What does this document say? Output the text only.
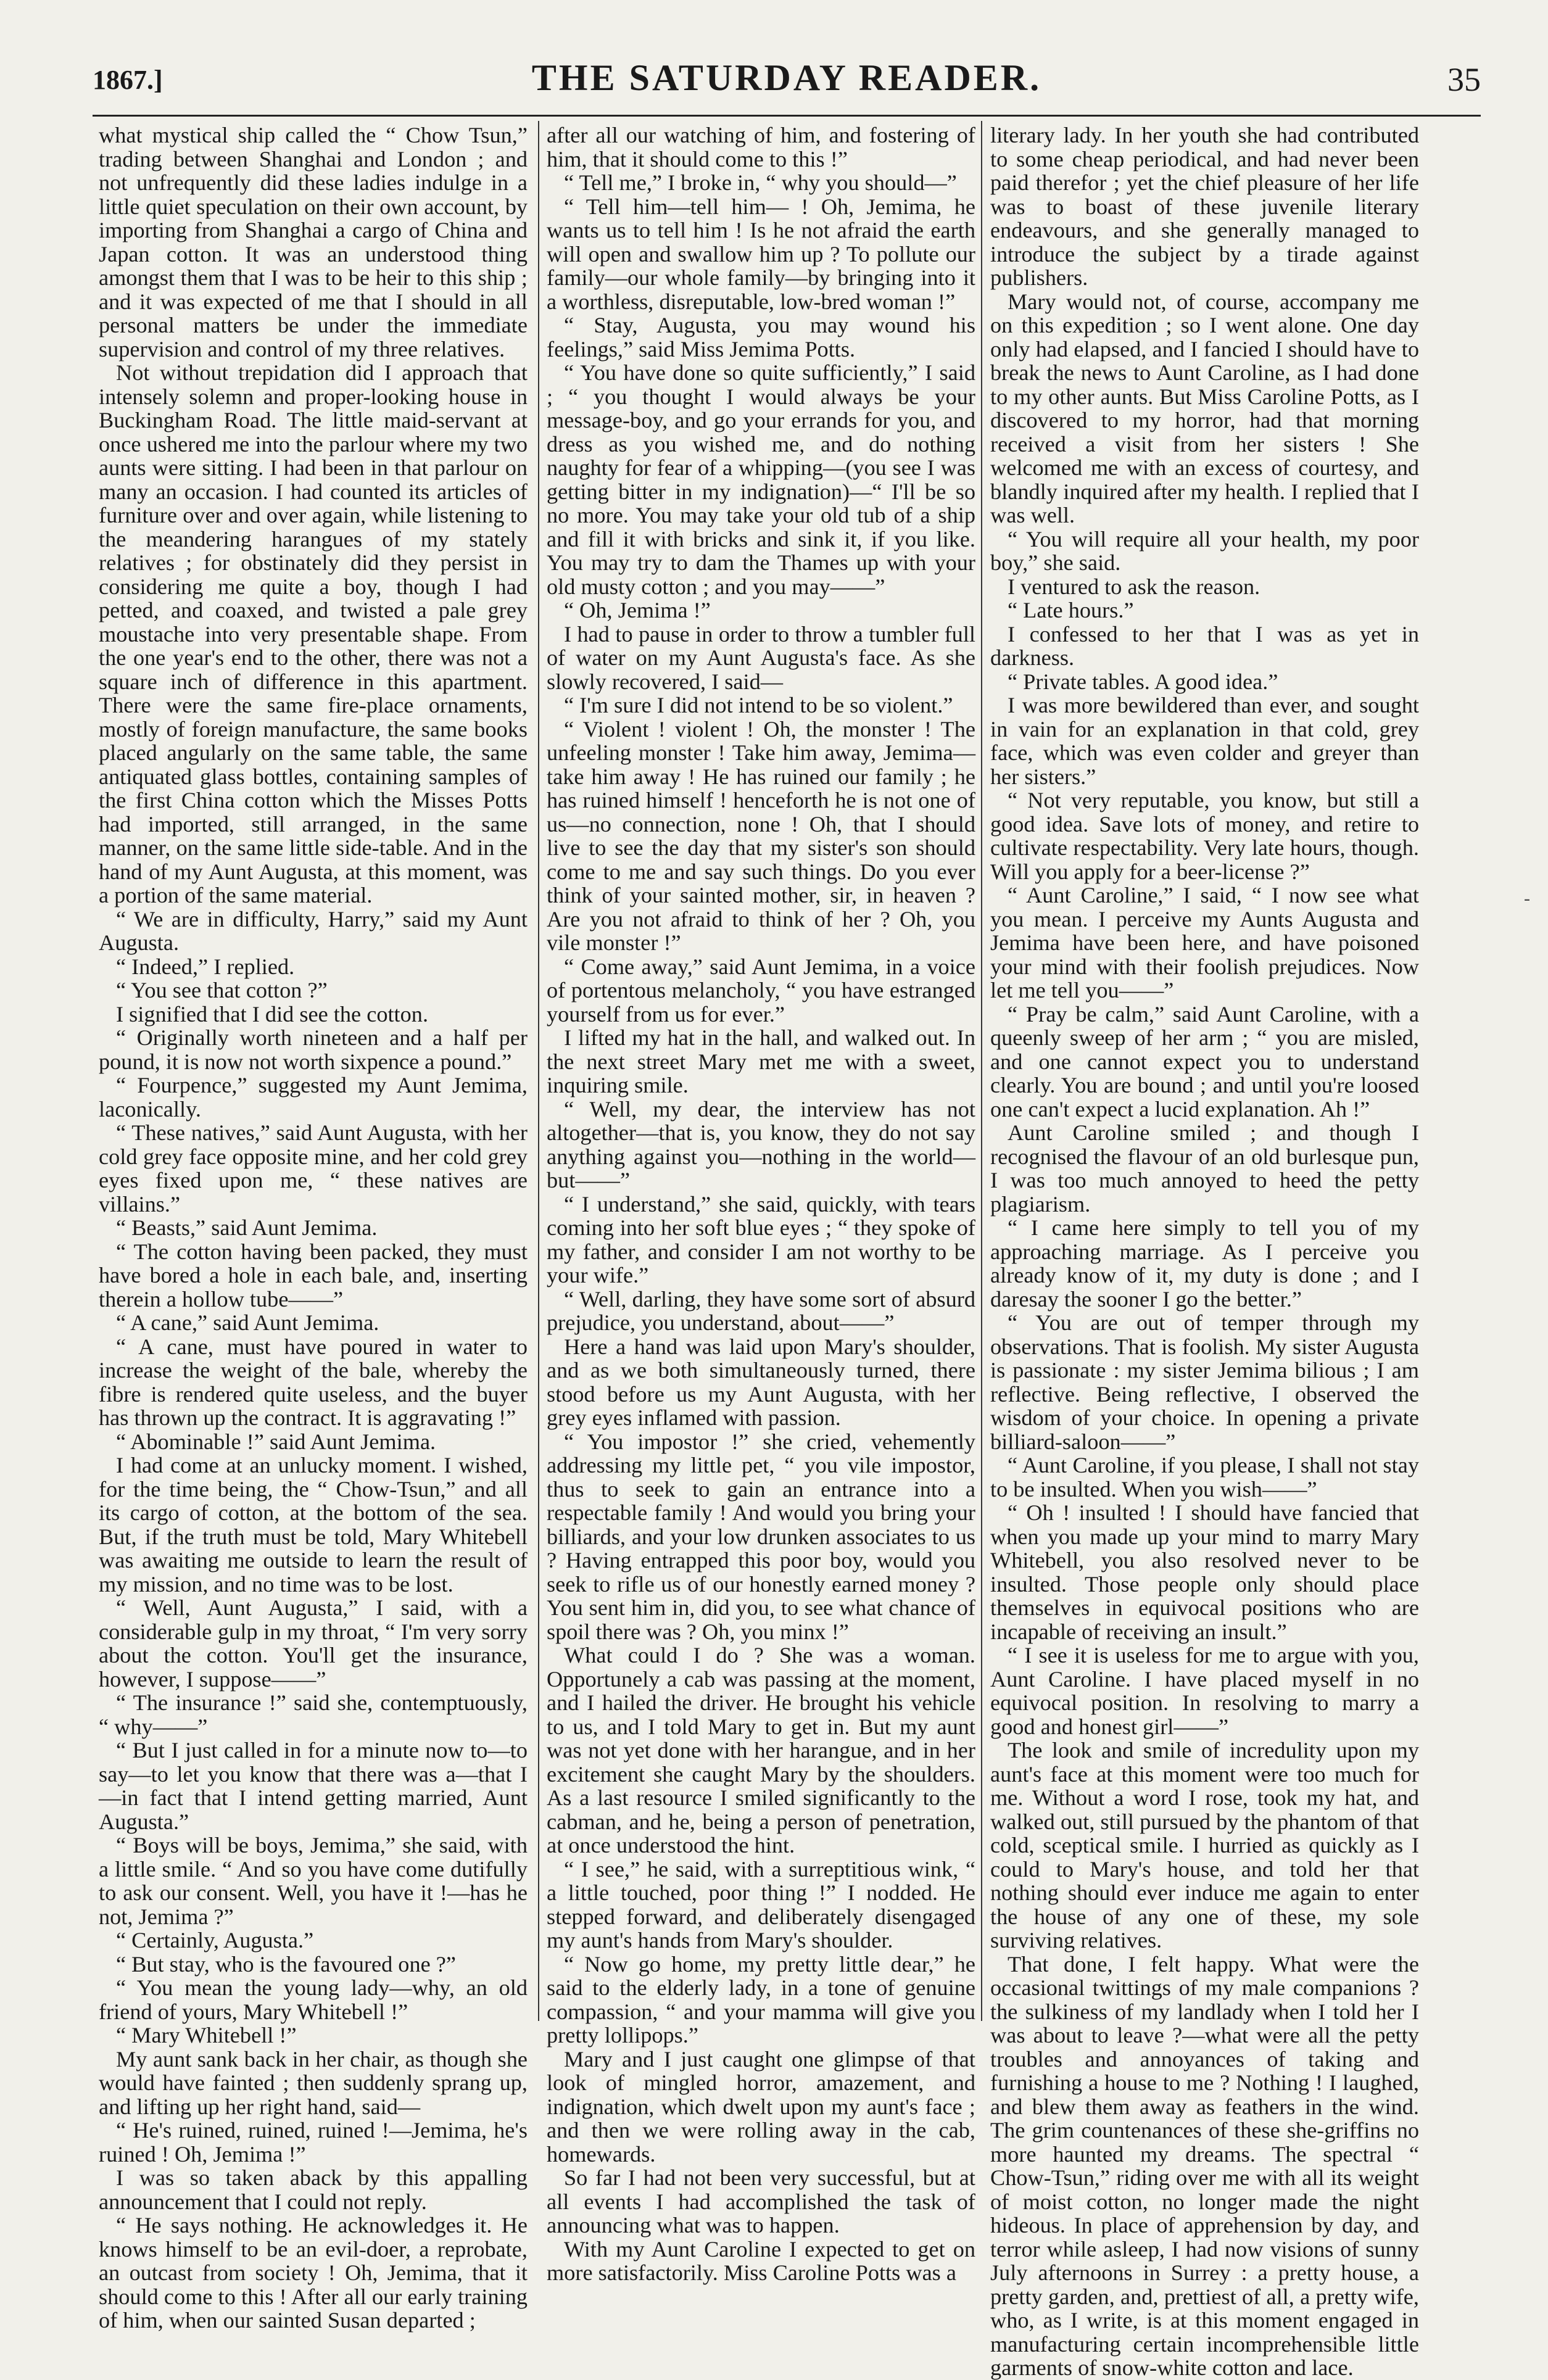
1867.]	THE SATURDAY READER.	35

what mystical ship called the “ Chow Tsun,” trading between Shanghai and London ; and not unfrequently did these ladies indulge in a little quiet speculation on their own account, by importing from Shanghai a cargo of China and Japan cotton. It was an understood thing amongst them that I was to be heir to this ship ; and it was expected of me that I should in all personal matters be under the immediate supervision and control of my three relatives.

Not without trepidation did I approach that intensely solemn and proper-looking house in Buckingham Road. The little maid-servant at once ushered me into the parlour where my two aunts were sitting. I had been in that parlour on many an occasion. I had counted its articles of furniture over and over again, while listening to the meandering harangues of my stately relatives ; for obstinately did they persist in considering me quite a boy, though I had petted, and coaxed, and twisted a pale grey moustache into very presentable shape. From the one year's end to the other, there was not a square inch of difference in this apartment. There were the same fire-place ornaments, mostly of foreign manufacture, the same books placed angularly on the same table, the same antiquated glass bottles, containing samples of the first China cotton which the Misses Potts had imported, still arranged, in the same manner, on the same little side-table. And in the hand of my Aunt Augusta, at this moment, was a portion of the same material.

“ We are in difficulty, Harry,” said my Aunt Augusta.

“ Indeed,” I replied.

“ You see that cotton ?”

I signified that I did see the cotton.

“ Originally worth nineteen and a half per pound, it is now not worth sixpence a pound.”

“ Fourpence,” suggested my Aunt Jemima, laconically.

“ These natives,” said Aunt Augusta, with her cold grey face opposite mine, and her cold grey eyes fixed upon me, “ these natives are villains.”

“ Beasts,” said Aunt Jemima.

“ The cotton having been packed, they must have bored a hole in each bale, and, inserting therein a hollow tube——”

“ A cane,” said Aunt Jemima.

“ A cane, must have poured in water to increase the weight of the bale, whereby the fibre is rendered quite useless, and the buyer has thrown up the contract. It is aggravating !”

“ Abominable !” said Aunt Jemima.

I had come at an unlucky moment. I wished, for the time being, the “ Chow-Tsun,” and all its cargo of cotton, at the bottom of the sea. But, if the truth must be told, Mary Whitebell was awaiting me outside to learn the result of my mission, and no time was to be lost.

“ Well, Aunt Augusta,” I said, with a considerable gulp in my throat, “ I'm very sorry about the cotton. You'll get the insurance, however, I suppose——”

“ The insurance !” said she, contemptuously, “ why——”

“ But I just called in for a minute now to—to say—to let you know that there was a—that I —in fact that I intend getting married, Aunt Augusta.”

“ Boys will be boys, Jemima,” she said, with a little smile. “ And so you have come dutifully to ask our consent. Well, you have it !—has he not, Jemima ?”

“ Certainly, Augusta.”

“ But stay, who is the favoured one ?”

“ You mean the young lady—why, an old friend of yours, Mary Whitebell !”

“ Mary Whitebell !”

My aunt sank back in her chair, as though she would have fainted ; then suddenly sprang up, and lifting up her right hand, said—

“ He's ruined, ruined, ruined !—Jemima, he's ruined ! Oh, Jemima !”

I was so taken aback by this appalling announcement that I could not reply.

“ He says nothing. He acknowledges it. He knows himself to be an evil-doer, a reprobate, an outcast from society ! Oh, Jemima, that it should come to this ! After all our early training of him, when our sainted Susan departed ;

after all our watching of him, and fostering of him, that it should come to this !”

“ Tell me,” I broke in, “ why you should—”

“ Tell him—tell him— ! Oh, Jemima, he wants us to tell him ! Is he not afraid the earth will open and swallow him up ? To pollute our family—our whole family—by bringing into it a worthless, disreputable, low-bred woman !”

“ Stay, Augusta, you may wound his feelings,” said Miss Jemima Potts.

“ You have done so quite sufficiently,” I said ; “ you thought I would always be your message-boy, and go your errands for you, and dress as you wished me, and do nothing naughty for fear of a whipping—(you see I was getting bitter in my indignation)—“ I'll be so no more. You may take your old tub of a ship and fill it with bricks and sink it, if you like. You may try to dam the Thames up with your old musty cotton ; and you may——”

“ Oh, Jemima !”

I had to pause in order to throw a tumbler full of water on my Aunt Augusta's face. As she slowly recovered, I said—

“ I'm sure I did not intend to be so violent.”

“ Violent ! violent ! Oh, the monster ! The unfeeling monster ! Take him away, Jemima—take him away ! He has ruined our family ; he has ruined himself ! henceforth he is not one of us—no connection, none ! Oh, that I should live to see the day that my sister's son should come to me and say such things. Do you ever think of your sainted mother, sir, in heaven ? Are you not afraid to think of her ? Oh, you vile monster !”

“ Come away,” said Aunt Jemima, in a voice of portentous melancholy, “ you have estranged yourself from us for ever.”

I lifted my hat in the hall, and walked out. In the next street Mary met me with a sweet, inquiring smile.

“ Well, my dear, the interview has not altogether—that is, you know, they do not say anything against you—nothing in the world—but——”

“ I understand,” she said, quickly, with tears coming into her soft blue eyes ; “ they spoke of my father, and consider I am not worthy to be your wife.”

“ Well, darling, they have some sort of absurd prejudice, you understand, about——”

Here a hand was laid upon Mary's shoulder, and as we both simultaneously turned, there stood before us my Aunt Augusta, with her grey eyes inflamed with passion.

“ You impostor !” she cried, vehemently addressing my little pet, “ you vile impostor, thus to seek to gain an entrance into a respectable family ! And would you bring your billiards, and your low drunken associates to us ? Having entrapped this poor boy, would you seek to rifle us of our honestly earned money ? You sent him in, did you, to see what chance of spoil there was ? Oh, you minx !”

What could I do ? She was a woman. Opportunely a cab was passing at the moment, and I hailed the driver. He brought his vehicle to us, and I told Mary to get in. But my aunt was not yet done with her harangue, and in her excitement she caught Mary by the shoulders. As a last resource I smiled significantly to the cabman, and he, being a person of penetration, at once understood the hint.

“ I see,” he said, with a surreptitious wink, “ a little touched, poor thing !” I nodded. He stepped forward, and deliberately disengaged my aunt's hands from Mary's shoulder.

“ Now go home, my pretty little dear,” he said to the elderly lady, in a tone of genuine compassion, “ and your mamma will give you pretty lollipops.”

Mary and I just caught one glimpse of that look of mingled horror, amazement, and indignation, which dwelt upon my aunt's face ; and then we were rolling away in the cab, homewards.

So far I had not been very successful, but at all events I had accomplished the task of announcing what was to happen.

With my Aunt Caroline I expected to get on more satisfactorily. Miss Caroline Potts was a

literary lady. In her youth she had contributed to some cheap periodical, and had never been paid therefor ; yet the chief pleasure of her life was to boast of these juvenile literary endeavours, and she generally managed to introduce the subject by a tirade against publishers.

Mary would not, of course, accompany me on this expedition ; so I went alone. One day only had elapsed, and I fancied I should have to break the news to Aunt Caroline, as I had done to my other aunts. But Miss Caroline Potts, as I discovered to my horror, had that morning received a visit from her sisters ! She welcomed me with an excess of courtesy, and blandly inquired after my health. I replied that I was well.

“ You will require all your health, my poor boy,” she said.

I ventured to ask the reason.

“ Late hours.”

I confessed to her that I was as yet in darkness.

“ Private tables. A good idea.”

I was more bewildered than ever, and sought in vain for an explanation in that cold, grey face, which was even colder and greyer than her sisters.”

“ Not very reputable, you know, but still a good idea. Save lots of money, and retire to cultivate respectability. Very late hours, though. Will you apply for a beer-license ?”

“ Aunt Caroline,” I said, “ I now see what you mean. I perceive my Aunts Augusta and Jemima have been here, and have poisoned your mind with their foolish prejudices. Now let me tell you——”

“ Pray be calm,” said Aunt Caroline, with a queenly sweep of her arm ; “ you are misled, and one cannot expect you to understand clearly. You are bound ; and until you're loosed one can't expect a lucid explanation. Ah !”

Aunt Caroline smiled ; and though I recognised the flavour of an old burlesque pun, I was too much annoyed to heed the petty plagiarism.

“ I came here simply to tell you of my approaching marriage. As I perceive you already know of it, my duty is done ; and I daresay the sooner I go the better.”

“ You are out of temper through my observations. That is foolish. My sister Augusta is passionate : my sister Jemima bilious ; I am reflective. Being reflective, I observed the wisdom of your choice. In opening a private billiard-saloon——”

“ Aunt Caroline, if you please, I shall not stay to be insulted. When you wish——”

“ Oh ! insulted ! I should have fancied that when you made up your mind to marry Mary Whitebell, you also resolved never to be insulted. Those people only should place themselves in equivocal positions who are incapable of receiving an insult.”

“ I see it is useless for me to argue with you, Aunt Caroline. I have placed myself in no equivocal position. In resolving to marry a good and honest girl——”

The look and smile of incredulity upon my aunt's face at this moment were too much for me. Without a word I rose, took my hat, and walked out, still pursued by the phantom of that cold, sceptical smile. I hurried as quickly as I could to Mary's house, and told her that nothing should ever induce me again to enter the house of any one of these, my sole surviving relatives.

That done, I felt happy. What were the occasional twittings of my male companions ? the sulkiness of my landlady when I told her I was about to leave ?—what were all the petty troubles and annoyances of taking and furnishing a house to me ? Nothing ! I laughed, and blew them away as feathers in the wind. The grim countenances of these she-griffins no more haunted my dreams. The spectral “ Chow-Tsun,” riding over me with all its weight of moist cotton, no longer made the night hideous. In place of apprehension by day, and terror while asleep, I had now visions of sunny July afternoons in Surrey : a pretty house, a pretty garden, and, prettiest of all, a pretty wife, who, as I write, is at this moment engaged in manufacturing certain incomprehensible little garments of snow-white cotton and lace.

-
